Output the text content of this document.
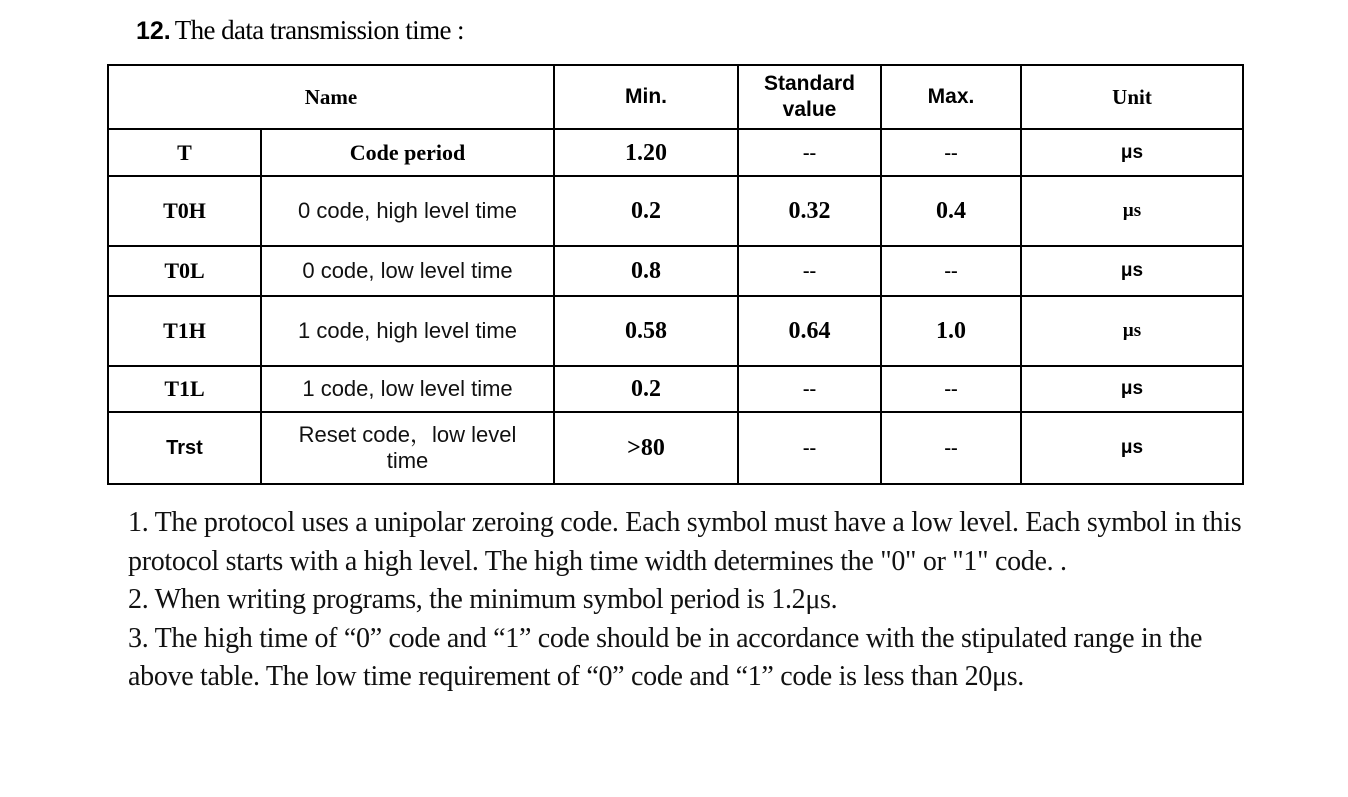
12. The data transmission time :
Name		Min.	Standard value	Max.	Unit
T	Code period	1.20	--	--	μs
T0H	0 code, high level time	0.2	0.32	0.4	μs
T0L	0 code, low level time	0.8	--	--	μs
T1H	1 code, high level time	0.58	0.64	1.0	μs
T1L	1 code, low level time	0.2	--	--	μs
Trst	Reset code，low level time	>80	--	--	μs

1. The protocol uses a unipolar zeroing code. Each symbol must have a low level. Each symbol in this protocol starts with a high level. The high time width determines the "0" or "1" code. .

2. When writing programs, the minimum symbol period is 1.2μs.

3. The high time of “0” code and “1” code should be in accordance with the stipulated range in the above table. The low time requirement of “0” code and “1” code is less than 20μs.
